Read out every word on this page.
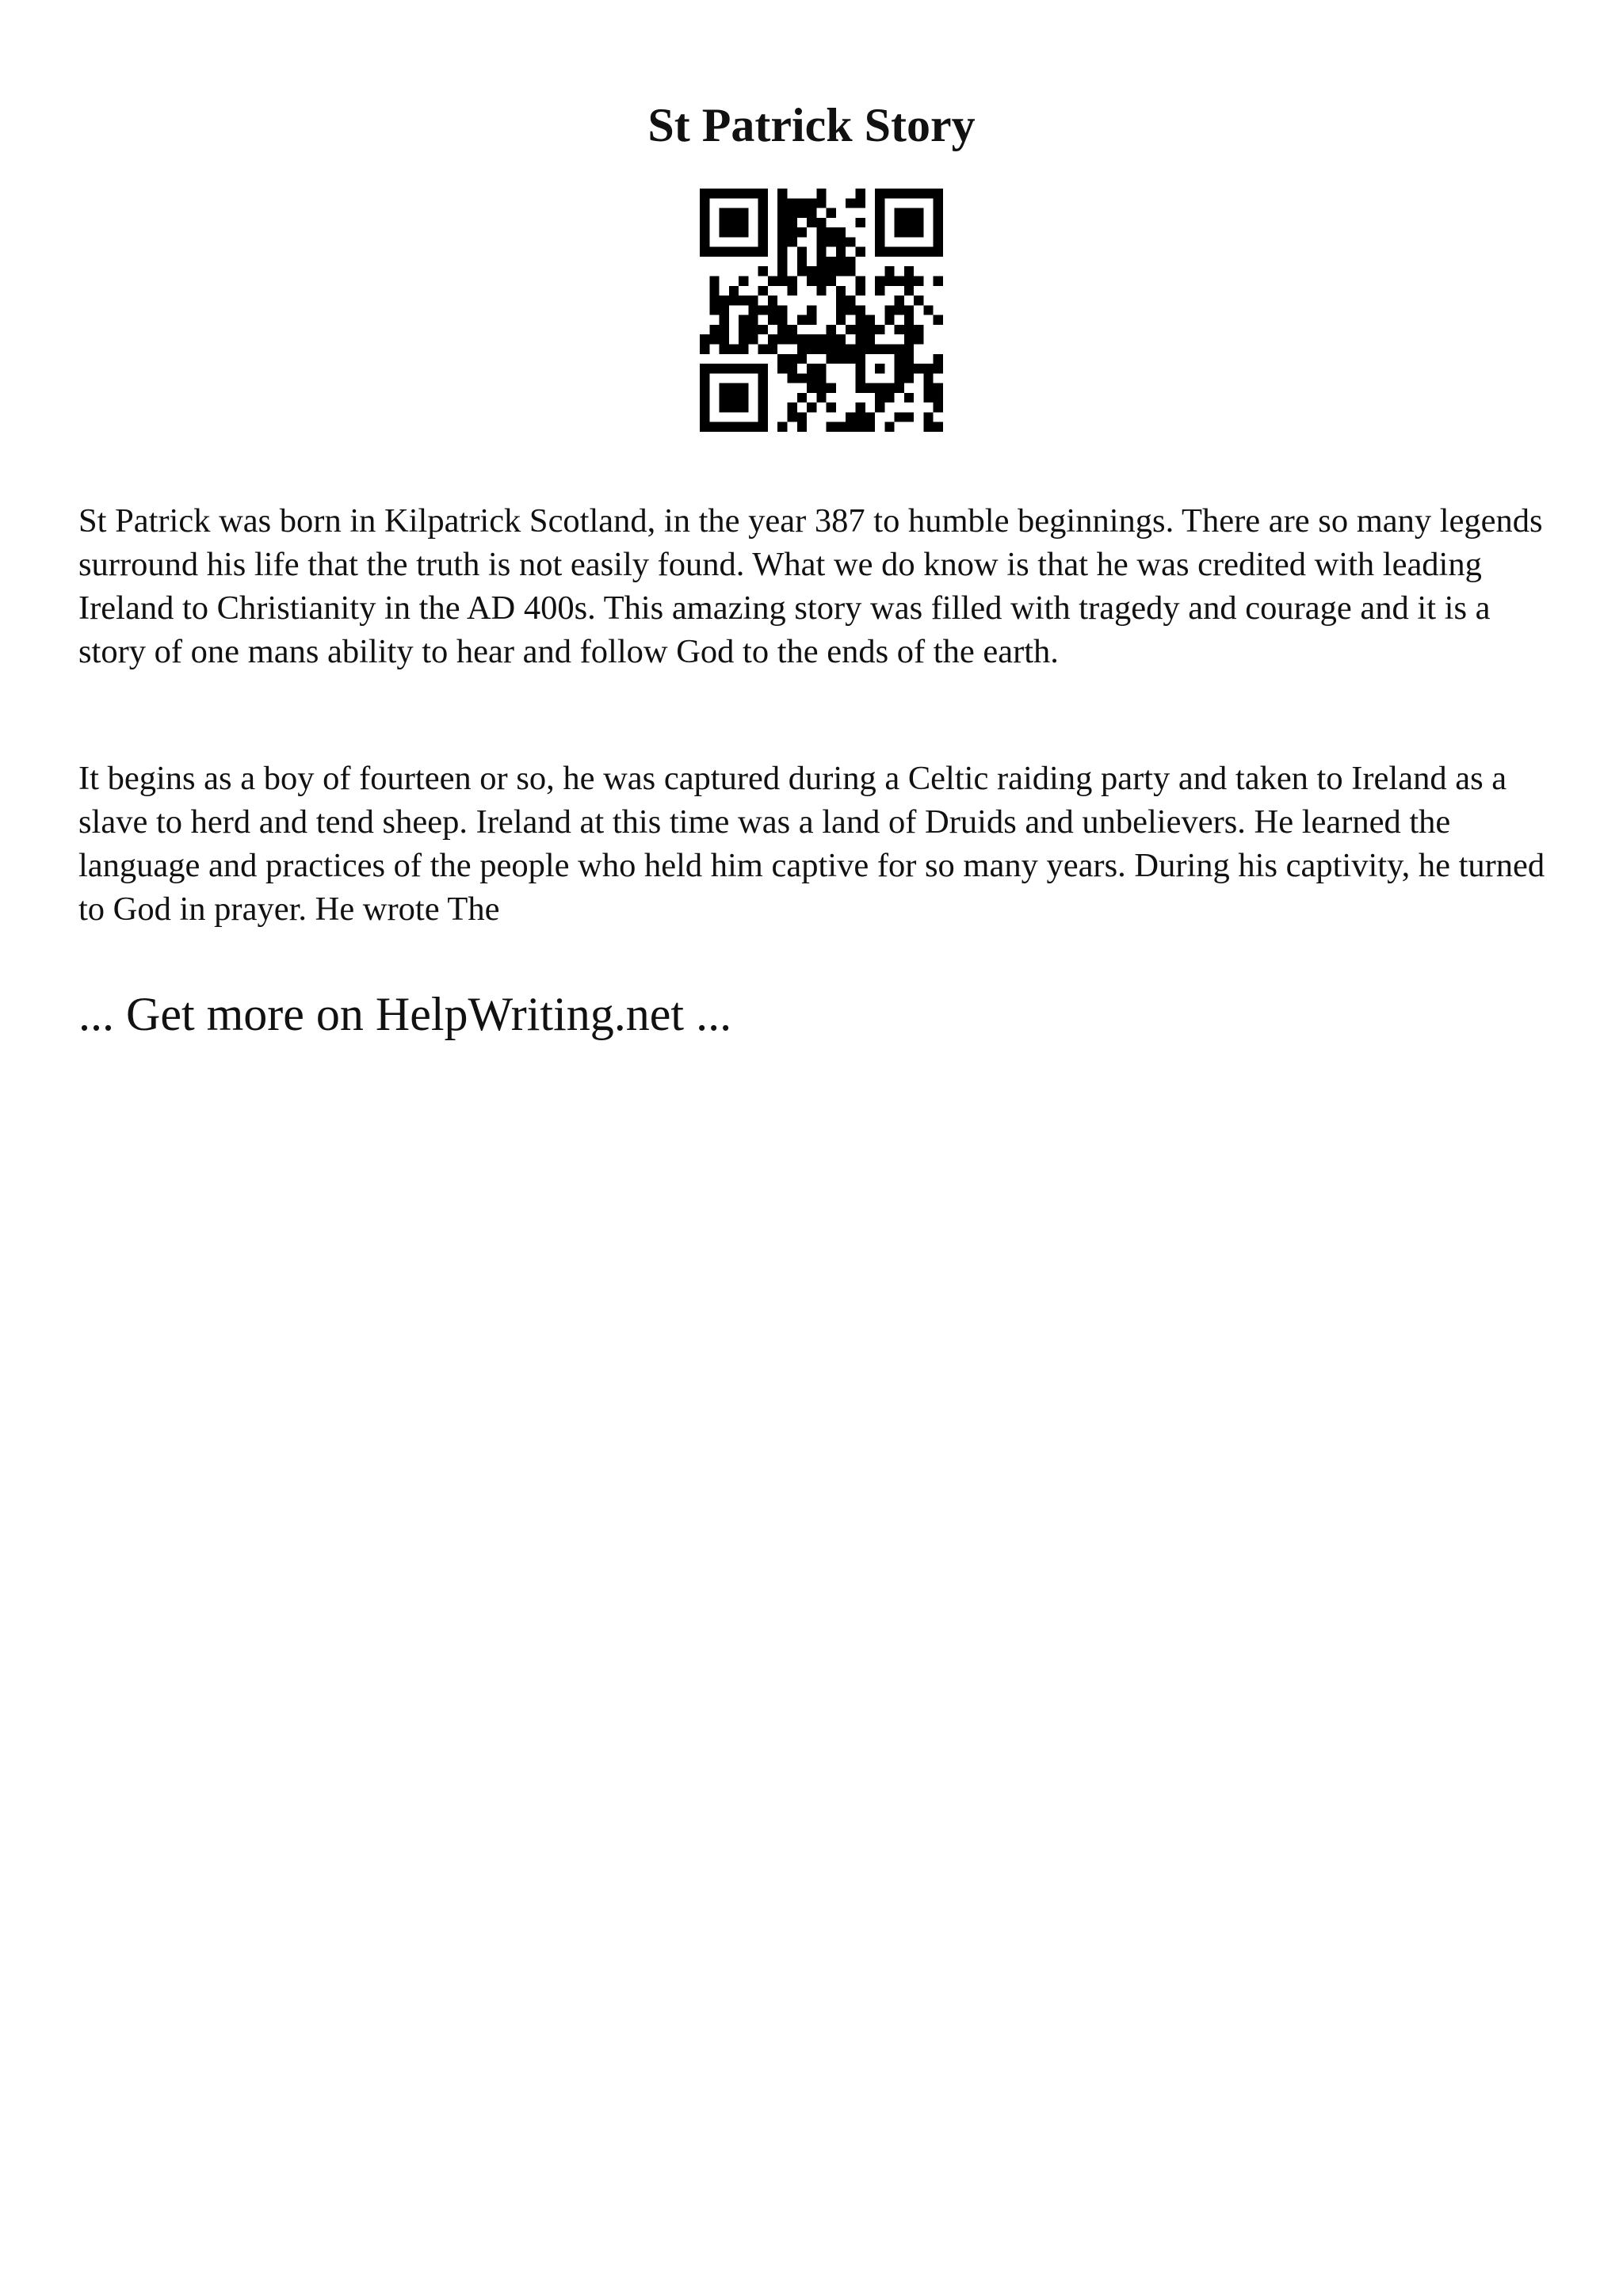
St Patrick Story

St Patrick was born in Kilpatrick Scotland, in the year 387 to humble beginnings. There are so many legends surround his life that the truth is not easily found. What we do know is that he was credited with leading Ireland to Christianity in the AD 400s. This amazing story was filled with tragedy and courage and it is a story of one mans ability to hear and follow God to the ends of the earth.

It begins as a boy of fourteen or so, he was captured during a Celtic raiding party and taken to Ireland as a slave to herd and tend sheep. Ireland at this time was a land of Druids and unbelievers. He learned the language and practices of the people who held him captive for so many years. During his captivity, he turned to God in prayer. He wrote The

... Get more on HelpWriting.net ...
